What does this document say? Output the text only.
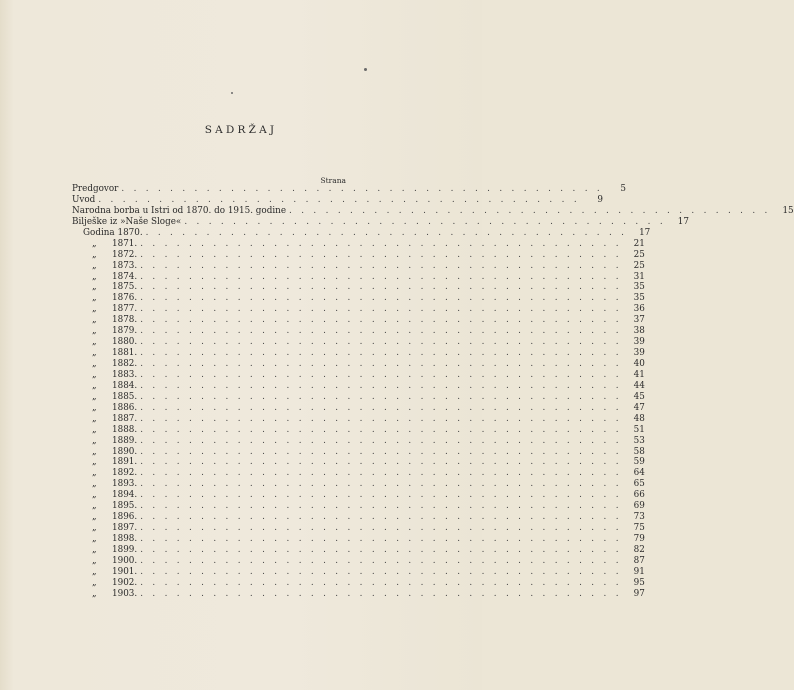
SADRŽAJ
Strana
Predgovor . . . . . . . . . . . . . . . . . . . . . . . . . . . . . . . . . . . . . . . .	5
Uvod . . . . . . . . . . . . . . . . . . . . . . . . . . . . . . . . . . . . . . . .	9
Narodna borba u Istri od 1870. do 1915. godine . . . . . . . . . . . . . . . . . . . . . . . . . . . . . . . . . . . . . . . .	15
Bilješke iz »Naše Sloge« . . . . . . . . . . . . . . . . . . . . . . . . . . . . . . . . . . . . . . . .	17
Godina 1870. . . . . . . . . . . . . . . . . . . . . . . . . . . . . . . . . . . . . . . . .	17
„ 1871. . . . . . . . . . . . . . . . . . . . . . . . . . . . . . . . . . . . . . . . .	21
„ 1872. . . . . . . . . . . . . . . . . . . . . . . . . . . . . . . . . . . . . . . . .	25
„ 1873. . . . . . . . . . . . . . . . . . . . . . . . . . . . . . . . . . . . . . . . .	25
„ 1874. . . . . . . . . . . . . . . . . . . . . . . . . . . . . . . . . . . . . . . . .	31
„ 1875. . . . . . . . . . . . . . . . . . . . . . . . . . . . . . . . . . . . . . . . .	35
„ 1876. . . . . . . . . . . . . . . . . . . . . . . . . . . . . . . . . . . . . . . . .	35
„ 1877. . . . . . . . . . . . . . . . . . . . . . . . . . . . . . . . . . . . . . . . .	36
„ 1878. . . . . . . . . . . . . . . . . . . . . . . . . . . . . . . . . . . . . . . . .	37
„ 1879. . . . . . . . . . . . . . . . . . . . . . . . . . . . . . . . . . . . . . . . .	38
„ 1880. . . . . . . . . . . . . . . . . . . . . . . . . . . . . . . . . . . . . . . . .	39
„ 1881. . . . . . . . . . . . . . . . . . . . . . . . . . . . . . . . . . . . . . . . .	39
„ 1882. . . . . . . . . . . . . . . . . . . . . . . . . . . . . . . . . . . . . . . . .	40
„ 1883. . . . . . . . . . . . . . . . . . . . . . . . . . . . . . . . . . . . . . . . .	41
„ 1884. . . . . . . . . . . . . . . . . . . . . . . . . . . . . . . . . . . . . . . . .	44
„ 1885. . . . . . . . . . . . . . . . . . . . . . . . . . . . . . . . . . . . . . . . .	45
„ 1886. . . . . . . . . . . . . . . . . . . . . . . . . . . . . . . . . . . . . . . . .	47
„ 1887. . . . . . . . . . . . . . . . . . . . . . . . . . . . . . . . . . . . . . . . .	48
„ 1888. . . . . . . . . . . . . . . . . . . . . . . . . . . . . . . . . . . . . . . . .	51
„ 1889. . . . . . . . . . . . . . . . . . . . . . . . . . . . . . . . . . . . . . . . .	53
„ 1890. . . . . . . . . . . . . . . . . . . . . . . . . . . . . . . . . . . . . . . . .	58
„ 1891. . . . . . . . . . . . . . . . . . . . . . . . . . . . . . . . . . . . . . . . .	59
„ 1892. . . . . . . . . . . . . . . . . . . . . . . . . . . . . . . . . . . . . . . . .	64
„ 1893. . . . . . . . . . . . . . . . . . . . . . . . . . . . . . . . . . . . . . . . .	65
„ 1894. . . . . . . . . . . . . . . . . . . . . . . . . . . . . . . . . . . . . . . . .	66
„ 1895. . . . . . . . . . . . . . . . . . . . . . . . . . . . . . . . . . . . . . . . .	69
„ 1896. . . . . . . . . . . . . . . . . . . . . . . . . . . . . . . . . . . . . . . . .	73
„ 1897. . . . . . . . . . . . . . . . . . . . . . . . . . . . . . . . . . . . . . . . .	75
„ 1898. . . . . . . . . . . . . . . . . . . . . . . . . . . . . . . . . . . . . . . . .	79
„ 1899. . . . . . . . . . . . . . . . . . . . . . . . . . . . . . . . . . . . . . . . .	82
„ 1900. . . . . . . . . . . . . . . . . . . . . . . . . . . . . . . . . . . . . . . . .	87
„ 1901. . . . . . . . . . . . . . . . . . . . . . . . . . . . . . . . . . . . . . . . .	91
„ 1902. . . . . . . . . . . . . . . . . . . . . . . . . . . . . . . . . . . . . . . . .	95
„ 1903. . . . . . . . . . . . . . . . . . . . . . . . . . . . . . . . . . . . . . . . .	97
